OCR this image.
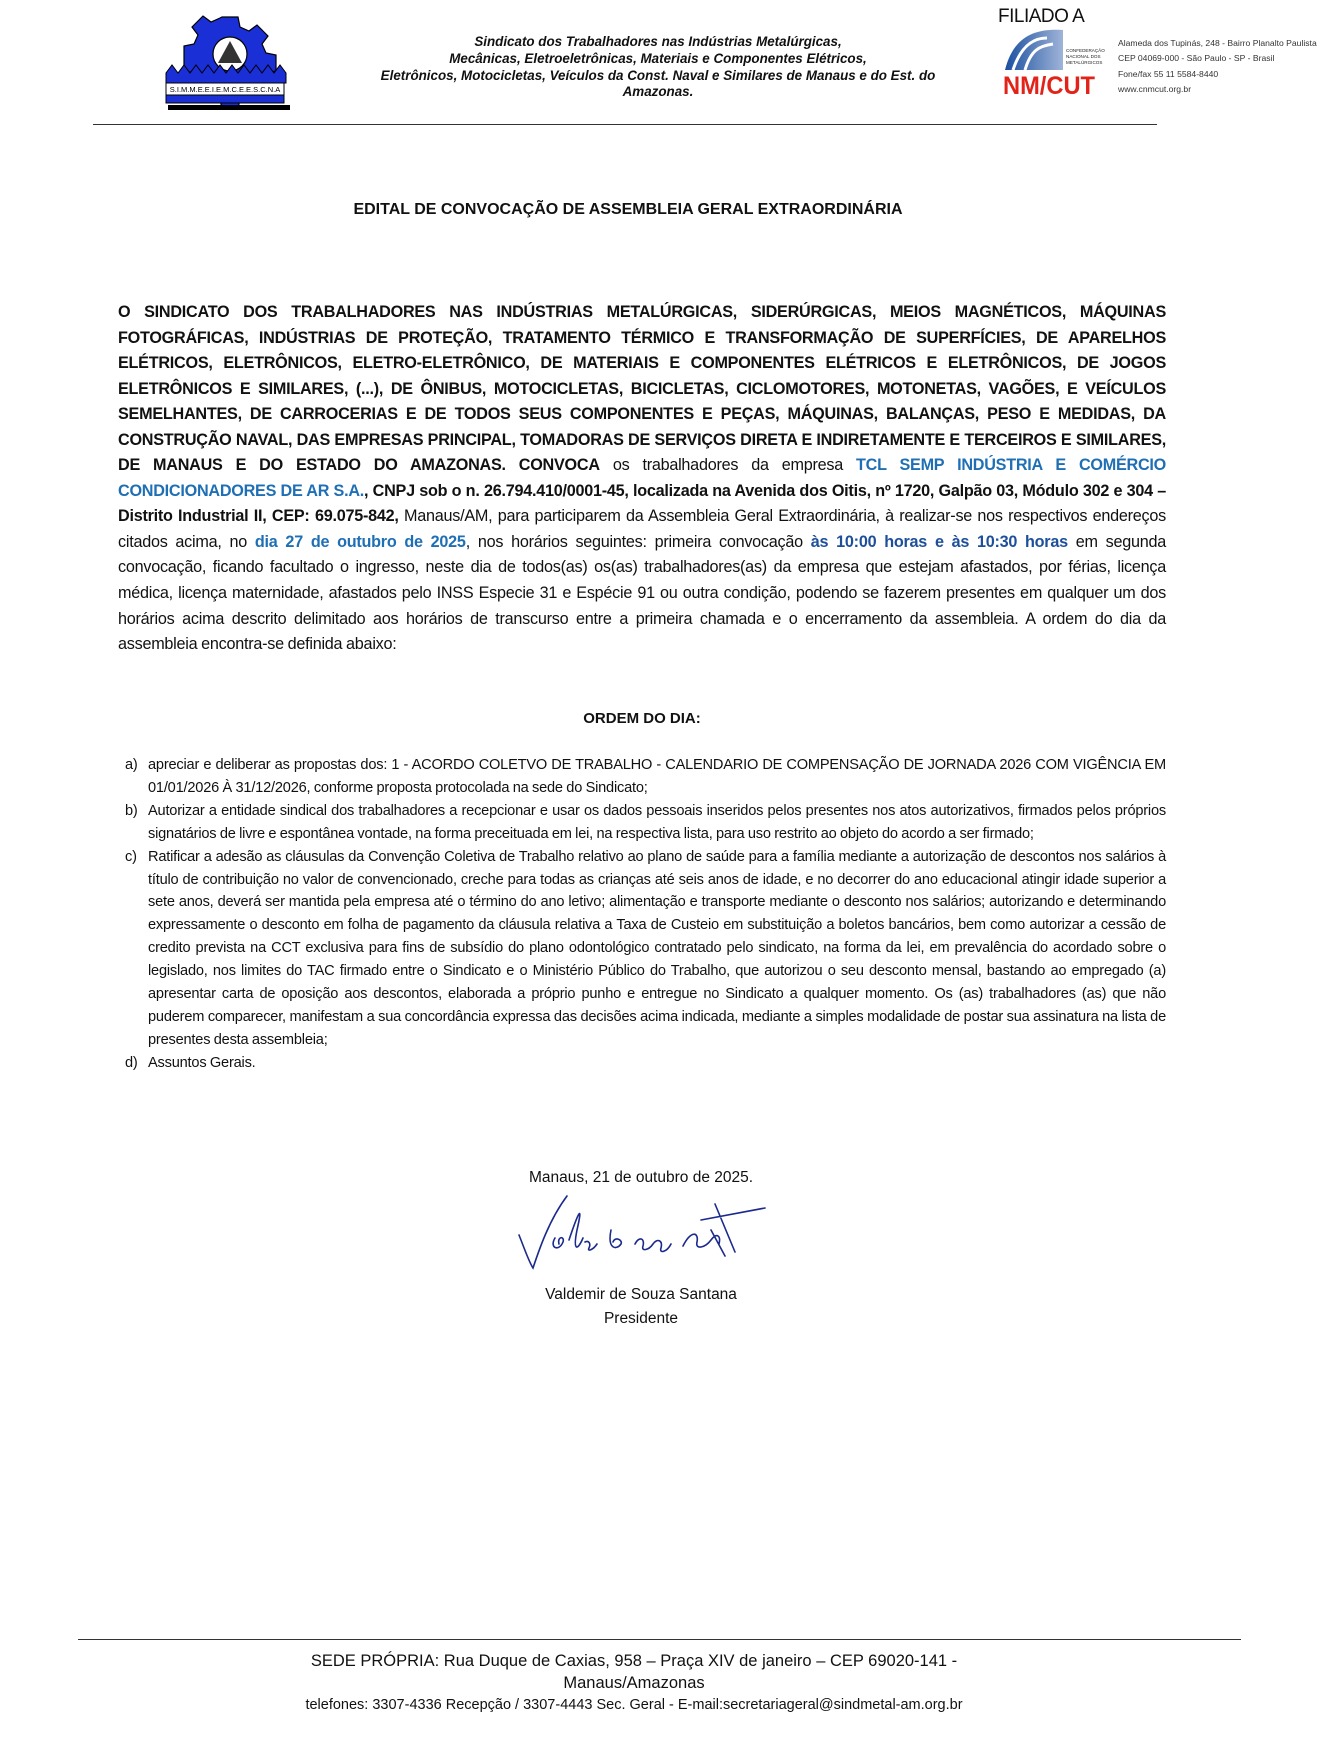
S.I.M.M.E.E.I.E.M.C.E.E.S.C.N.A
Sindicato dos Trabalhadores nas Indústrias Metalúrgicas,
Mecânicas, Eletroeletrônicas, Materiais e Componentes Elétricos,
Eletrônicos, Motocicletas, Veículos da Const. Naval e Similares de Manaus e do Est. do
Amazonas.
FILIADO A
CONFEDERAÇÃO
NACIONAL DOS
METALÚRGICOS
NM/CUT
Alameda dos Tupinás, 248 - Bairro Planalto Paulista
CEP 04069-000 - São Paulo - SP - Brasil
Fone/fax 55 11 5584-8440
www.cnmcut.org.br
EDITAL DE CONVOCAÇÃO DE ASSEMBLEIA GERAL EXTRAORDINÁRIA
O SINDICATO DOS TRABALHADORES NAS INDÚSTRIAS METALÚRGICAS, SIDERÚRGICAS, MEIOS MAGNÉTICOS, MÁQUINAS FOTOGRÁFICAS, INDÚSTRIAS DE PROTEÇÃO, TRATAMENTO TÉRMICO E TRANSFORMAÇÃO DE SUPERFÍCIES, DE APARELHOS ELÉTRICOS, ELETRÔNICOS, ELETRO-ELETRÔNICO, DE MATERIAIS E COMPONENTES ELÉTRICOS E ELETRÔNICOS, DE JOGOS ELETRÔNICOS E SIMILARES, (...), DE ÔNIBUS, MOTOCICLETAS, BICICLETAS, CICLOMOTORES, MOTONETAS, VAGÕES, E VEÍCULOS SEMELHANTES, DE CARROCERIAS E DE TODOS SEUS COMPONENTES E PEÇAS, MÁQUINAS, BALANÇAS, PESO E MEDIDAS, DA CONSTRUÇÃO NAVAL, DAS EMPRESAS PRINCIPAL, TOMADORAS DE SERVIÇOS DIRETA E INDIRETAMENTE E TERCEIROS E SIMILARES, DE MANAUS E DO ESTADO DO AMAZONAS. CONVOCA os trabalhadores da empresa TCL SEMP INDÚSTRIA E COMÉRCIO CONDICIONADORES DE AR S.A., CNPJ sob o n. 26.794.410/0001-45, localizada na Avenida dos Oitis, nº 1720, Galpão 03, Módulo 302 e 304 – Distrito Industrial II, CEP: 69.075-842, Manaus/AM, para participarem da Assembleia Geral Extraordinária, à realizar-se nos respectivos endereços citados acima, no dia 27 de outubro de 2025, nos horários seguintes: primeira convocação às 10:00 horas e às 10:30 horas em segunda convocação, ficando facultado o ingresso, neste dia de todos(as) os(as) trabalhadores(as) da empresa que estejam afastados, por férias, licença médica, licença maternidade, afastados pelo INSS Especie 31 e Espécie 91 ou outra condição, podendo se fazerem presentes em qualquer um dos horários acima descrito delimitado aos horários de transcurso entre a primeira chamada e o encerramento da assembleia. A ordem do dia da assembleia encontra-se definida abaixo:
ORDEM DO DIA:
a) apreciar e deliberar as propostas dos: 1 - ACORDO COLETVO DE TRABALHO - CALENDARIO DE COMPENSAÇÃO DE JORNADA 2026 COM VIGÊNCIA EM 01/01/2026 À 31/12/2026, conforme proposta protocolada na sede do Sindicato;
b) Autorizar a entidade sindical dos trabalhadores a recepcionar e usar os dados pessoais inseridos pelos presentes nos atos autorizativos, firmados pelos próprios signatários de livre e espontânea vontade, na forma preceituada em lei, na respectiva lista, para uso restrito ao objeto do acordo a ser firmado;
c) Ratificar a adesão as cláusulas da Convenção Coletiva de Trabalho relativo ao plano de saúde para a família mediante a autorização de descontos nos salários à título de contribuição no valor de convencionado, creche para todas as crianças até seis anos de idade, e no decorrer do ano educacional atingir idade superior a sete anos, deverá ser mantida pela empresa até o término do ano letivo; alimentação e transporte mediante o desconto nos salários; autorizando e determinando expressamente o desconto em folha de pagamento da cláusula relativa a Taxa de Custeio em substituição a boletos bancários, bem como autorizar a cessão de credito prevista na CCT exclusiva para fins de subsídio do plano odontológico contratado pelo sindicato, na forma da lei, em prevalência do acordado sobre o legislado, nos limites do TAC firmado entre o Sindicato e o Ministério Público do Trabalho, que autorizou o seu desconto mensal, bastando ao empregado (a) apresentar carta de oposição aos descontos, elaborada a próprio punho e entregue no Sindicato a qualquer momento. Os (as) trabalhadores (as) que não puderem comparecer, manifestam a sua concordância expressa das decisões acima indicada, mediante a simples modalidade de postar sua assinatura na lista de presentes desta assembleia;
d) Assuntos Gerais.
Manaus, 21 de outubro de 2025.
Valdemir de Souza Santana
Presidente
SEDE PRÓPRIA: Rua Duque de Caxias, 958 – Praça XIV de janeiro – CEP 69020-141 -
Manaus/Amazonas
telefones: 3307-4336 Recepção / 3307-4443 Sec. Geral - E-mail:secretariageral@sindmetal-am.org.br
